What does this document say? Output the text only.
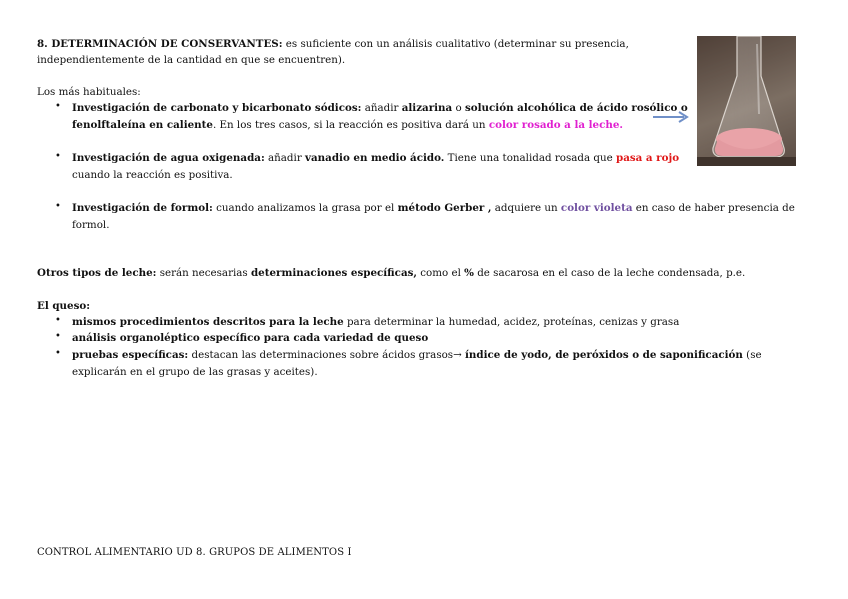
8. DETERMINACIÓN DE CONSERVANTES: es suficiente con un análisis cualitativo (determinar su presencia,
independientemente de la cantidad en que se encuentren).
Los más habituales:
• Investigación de carbonato y bicarbonato sódicos: añadir alizarina o solución alcohólica de ácido rosólico o
fenolftaleína en caliente. En los tres casos, si la reacción es positiva dará un color rosado a la leche.
• Investigación de agua oxigenada: añadir vanadio en medio ácido. Tiene una tonalidad rosada que pasa a rojo
cuando la reacción es positiva.
• Investigación de formol: cuando analizamos la grasa por el método Gerber , adquiere un color violeta en caso de haber presencia de
formol.
Otros tipos de leche: serán necesarias determinaciones específicas, como el % de sacarosa en el caso de la leche condensada, p.e.
El queso:
• mismos procedimientos descritos para la leche para determinar la humedad, acidez, proteínas, cenizas y grasa
• análisis organoléptico específico para cada variedad de queso
• pruebas específicas: destacan las determinaciones sobre ácidos grasos→ índice de yodo, de peróxidos o de saponificación (se
explicarán en el grupo de las grasas y aceites).
CONTROL ALIMENTARIO UD 8. GRUPOS DE ALIMENTOS I
